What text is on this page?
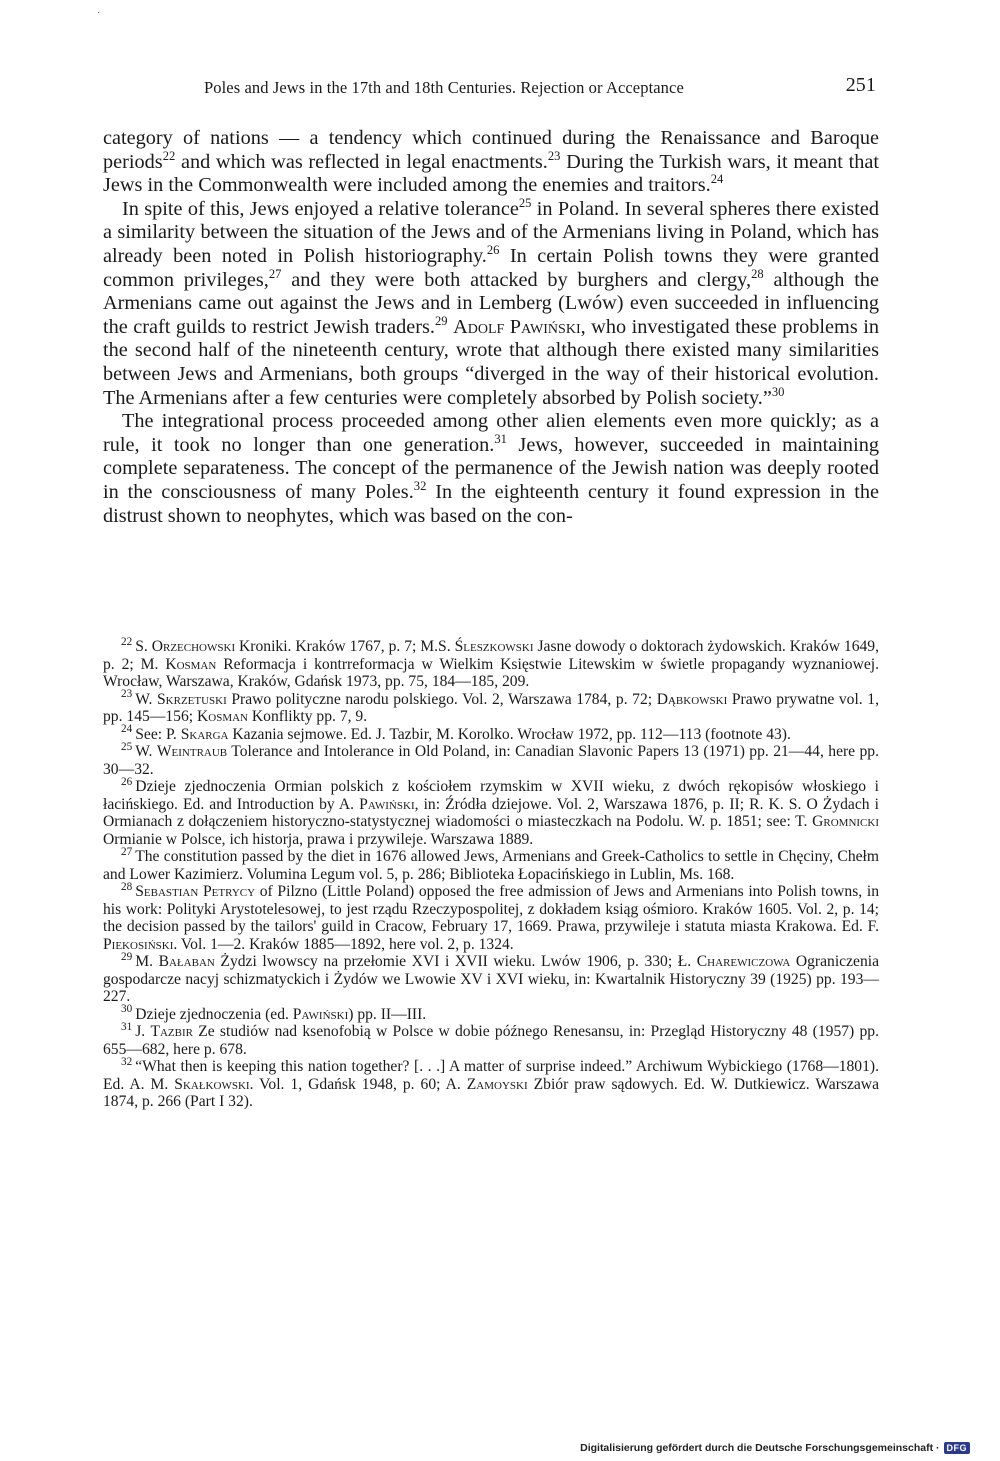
·
Poles and Jews in the 17th and 18th Centuries. Rejection or Acceptance	251

category of nations — a tendency which continued during the Renaissance and Baroque periods$^{22}$ and which was reflected in legal enactments.$^{23}$ During the Turkish wars, it meant that Jews in the Commonwealth were included among the enemies and traitors.$^{24}$

In spite of this, Jews enjoyed a relative tolerance$^{25}$ in Poland. In several spheres there existed a similarity between the situation of the Jews and of the Armenians living in Poland, which has already been noted in Polish historiography.$^{26}$ In certain Polish towns they were granted common privileges,$^{27}$ and they were both attacked by burghers and clergy,$^{28}$ although the Armenians came out against the Jews and in Lemberg (Lwów) even succeeded in influencing the craft guilds to restrict Jewish traders.$^{29}$ Adolf Pawiński, who investigated these problems in the second half of the nineteenth century, wrote that although there existed many similarities between Jews and Armenians, both groups “diverged in the way of their historical evolution. The Armenians after a few centuries were completely absorbed by Polish society.”$^{30}$

The integrational process proceeded among other alien elements even more quickly; as a rule, it took no longer than one generation.$^{31}$ Jews, however, succeeded in maintaining complete separateness. The concept of the permanence of the Jewish nation was deeply rooted in the consciousness of many Poles.$^{32}$ In the eighteenth century it found expression in the distrust shown to neophytes, which was based on the con-

$^{22}$ S. Orzechowski Kroniki. Kraków 1767, p. 7; M.S. Śleszkowski Jasne dowody o doktorach żydowskich. Kraków 1649, p. 2; M. Kosman Reformacja i kontrreformacja w Wielkim Księstwie Litewskim w świetle propagandy wyznaniowej. Wrocław, Warszawa, Kraków, Gdańsk 1973, pp. 75, 184—185, 209.

$^{23}$ W. Skrzetuski Prawo polityczne narodu polskiego. Vol. 2, Warszawa 1784, p. 72; Dąbkowski Prawo prywatne vol. 1, pp. 145—156; Kosman Konflikty pp. 7, 9.

$^{24}$ See: P. Skarga Kazania sejmowe. Ed. J. Tazbir, M. Korolko. Wrocław 1972, pp. 112—113 (footnote 43).

$^{25}$ W. Weintraub Tolerance and Intolerance in Old Poland, in: Canadian Slavonic Papers 13 (1971) pp. 21—44, here pp. 30—32.

$^{26}$ Dzieje zjednoczenia Ormian polskich z kościołem rzymskim w XVII wieku, z dwóch rękopisów włoskiego i łacińskiego. Ed. and Introduction by A. Pawiński, in: Źródła dziejowe. Vol. 2, Warszawa 1876, p. II; R. K. S. O Żydach i Ormianach z dołączeniem historyczno-statystycznej wiadomości o miasteczkach na Podolu. W. p. 1851; see: T. Gromnicki Ormianie w Polsce, ich historja, prawa i przywileje. Warszawa 1889.

$^{27}$ The constitution passed by the diet in 1676 allowed Jews, Armenians and Greek-Catholics to settle in Chęciny, Chełm and Lower Kazimierz. Volumina Legum vol. 5, p. 286; Biblioteka Łopacińskiego in Lublin, Ms. 168.

$^{28}$ Sebastian Petrycy of Pilzno (Little Poland) opposed the free admission of Jews and Armenians into Polish towns, in his work: Polityki Arystotelesowej, to jest rządu Rzeczypospolitej, z dokładem ksiąg ośmioro. Kraków 1605. Vol. 2, p. 14; the decision passed by the tailors' guild in Cracow, February 17, 1669. Prawa, przywileje i statuta miasta Krakowa. Ed. F. Piekosiński. Vol. 1—2. Kraków 1885—1892, here vol. 2, p. 1324.

$^{29}$ M. Bałaban Żydzi lwowscy na przełomie XVI i XVII wieku. Lwów 1906, p. 330; Ł. Charewiczowa Ograniczenia gospodarcze nacyj schizmatyckich i Żydów we Lwowie XV i XVI wieku, in: Kwartalnik Historyczny 39 (1925) pp. 193—227.

$^{30}$ Dzieje zjednoczenia (ed. Pawiński) pp. II—III.

$^{31}$ J. Tazbir Ze studiów nad ksenofobią w Polsce w dobie późnego Renesansu, in: Przegląd Historyczny 48 (1957) pp. 655—682, here p. 678.

$^{32}$ “What then is keeping this nation together? [. . .] A matter of surprise indeed.” Archiwum Wybickiego (1768—1801). Ed. A. M. Skałkowski. Vol. 1, Gdańsk 1948, p. 60; A. Zamoyski Zbiór praw sądowych. Ed. W. Dutkiewicz. Warszawa 1874, p. 266 (Part I 32).

Digitalisierung gefördert durch die Deutsche Forschungsgemeinschaft · DFG
